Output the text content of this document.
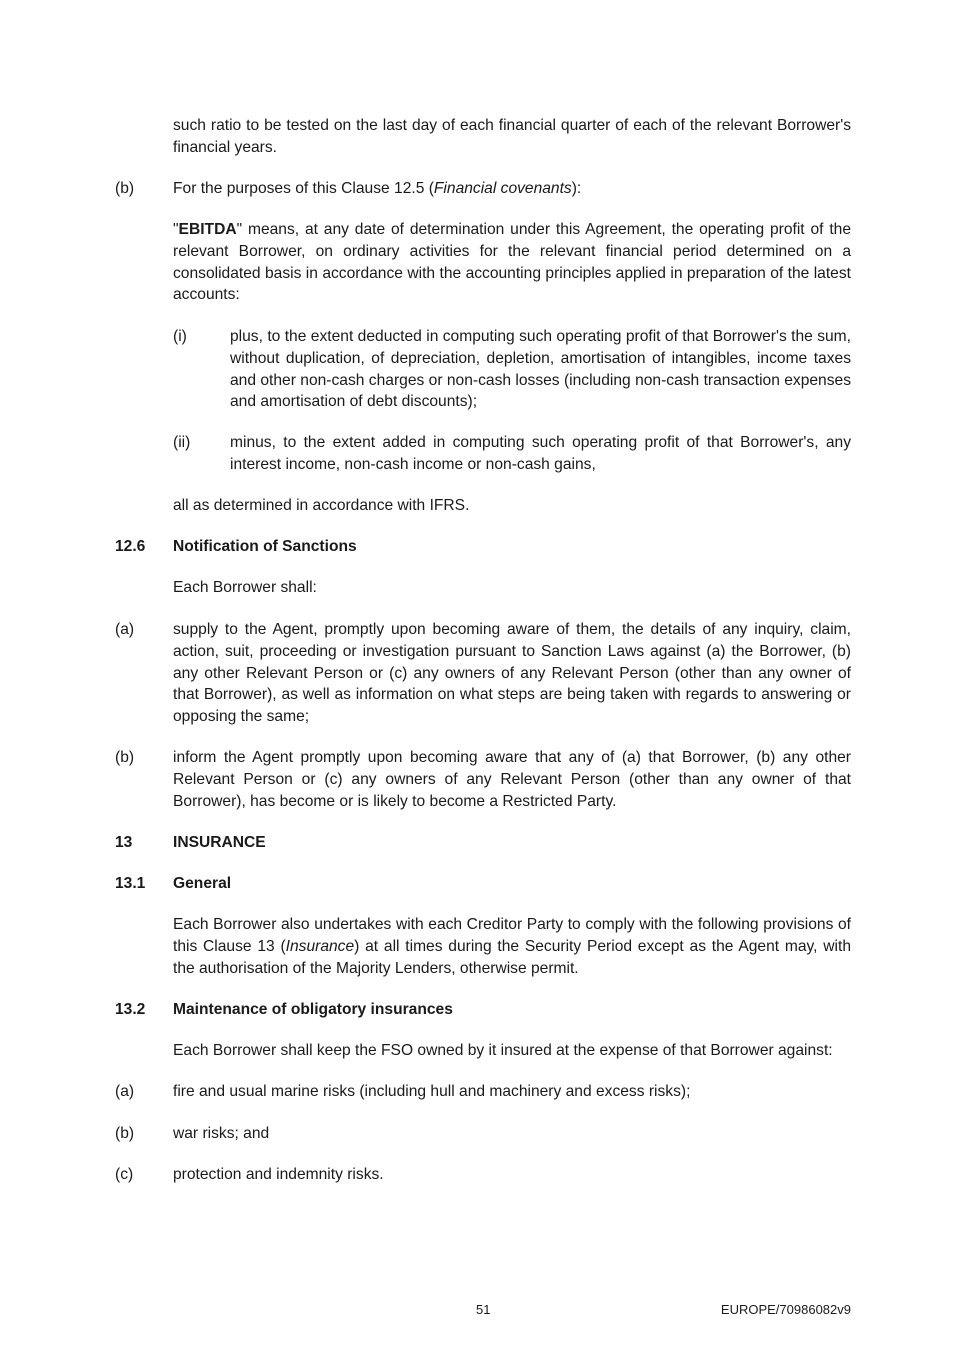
such ratio to be tested on the last day of each financial quarter of each of the relevant Borrower's financial years.

(b) For the purposes of this Clause 12.5 (Financial covenants):

"EBITDA" means, at any date of determination under this Agreement, the operating profit of the relevant Borrower, on ordinary activities for the relevant financial period determined on a consolidated basis in accordance with the accounting principles applied in preparation of the latest accounts:

(i)	plus, to the extent deducted in computing such operating profit of that Borrower's the sum, without duplication, of depreciation, depletion, amortisation of intangibles, income taxes and other non-cash charges or non-cash losses (including non-cash transaction expenses and amortisation of debt discounts);

(ii)	minus, to the extent added in computing such operating profit of that Borrower's, any interest income, non-cash income or non-cash gains,

all as determined in accordance with IFRS.

12.6 Notification of Sanctions

Each Borrower shall:

(a) supply to the Agent, promptly upon becoming aware of them, the details of any inquiry, claim, action, suit, proceeding or investigation pursuant to Sanction Laws against (a) the Borrower, (b) any other Relevant Person or (c) any owners of any Relevant Person (other than any owner of that Borrower), as well as information on what steps are being taken with regards to answering or opposing the same;

(b) inform the Agent promptly upon becoming aware that any of (a) that Borrower, (b) any other Relevant Person or (c) any owners of any Relevant Person (other than any owner of that Borrower), has become or is likely to become a Restricted Party.

13	INSURANCE

13.1 General

Each Borrower also undertakes with each Creditor Party to comply with the following provisions of this Clause 13 (Insurance) at all times during the Security Period except as the Agent may, with the authorisation of the Majority Lenders, otherwise permit.

13.2 Maintenance of obligatory insurances

Each Borrower shall keep the FSO owned by it insured at the expense of that Borrower against:

(a) fire and usual marine risks (including hull and machinery and excess risks);

(b) war risks; and

(c)	protection and indemnity risks.

51	EUROPE/70986082v9
